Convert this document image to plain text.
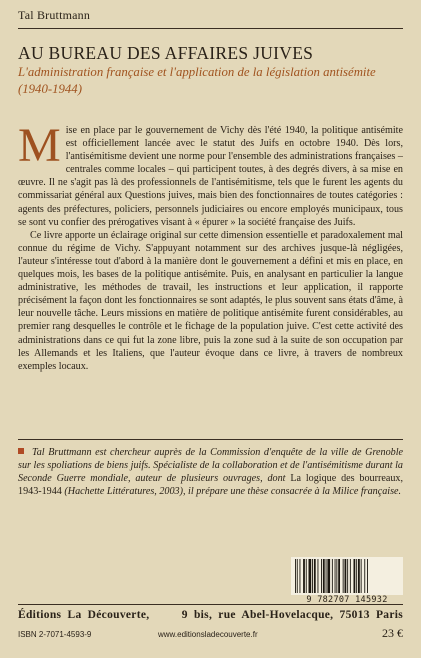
Tal Bruttmann
AU BUREAU DES AFFAIRES JUIVES
L'administration française et l'application de la législation antisémite
(1940-1944)

Mise en place par le gouvernement de Vichy dès l'été 1940, la politique antisémite est officiellement lancée avec le statut des Juifs en octobre 1940. Dès lors, l'antisémitisme devient une norme pour l'ensemble des administrations françaises – centrales comme locales – qui participent toutes, à des degrés divers, à sa mise en œuvre. Il ne s'agit pas là des professionnels de l'antisémitisme, tels que le furent les agents du commissariat général aux Questions juives, mais bien des fonctionnaires de toutes catégories : agents des préfectures, policiers, personnels judiciaires ou encore employés municipaux, tous se sont vu confier des prérogatives visant à « épurer » la société française des Juifs.

Ce livre apporte un éclairage original sur cette dimension essentielle et paradoxalement mal connue du régime de Vichy. S'appuyant notamment sur des archives jusque-là négligées, l'auteur s'intéresse tout d'abord à la manière dont le gouvernement a défini et mis en place, en quelques mois, les bases de la politique antisémite. Puis, en analysant en particulier la langue administrative, les méthodes de travail, les instructions et leur application, il rapporte précisément la façon dont les fonctionnaires se sont adaptés, le plus souvent sans états d'âme, à leur nouvelle tâche. Leurs missions en matière de politique antisémite furent considérables, au premier rang desquelles le contrôle et le fichage de la population juive. C'est cette activité des administrations dans ce qui fut la zone libre, puis la zone sud à la suite de son occupation par les Allemands et les Italiens, que l'auteur évoque dans ce livre, à travers de nombreux exemples locaux.

Tal Bruttmann est chercheur auprès de la Commission d'enquête de la ville de Grenoble sur les spoliations de biens juifs. Spécialiste de la collaboration et de l'antisémitisme durant la Seconde Guerre mondiale, auteur de plusieurs ouvrages, dont La logique des bourreaux, 1943-1944 (Hachette Littératures, 2003), il prépare une thèse consacrée à la Milice française.
9 782707 145932
Éditions La Découverte,	9 bis, rue Abel-Hovelacque, 75013 Paris
ISBN 2-7071-4593-9	www.editionsladecouverte.fr	23 €
